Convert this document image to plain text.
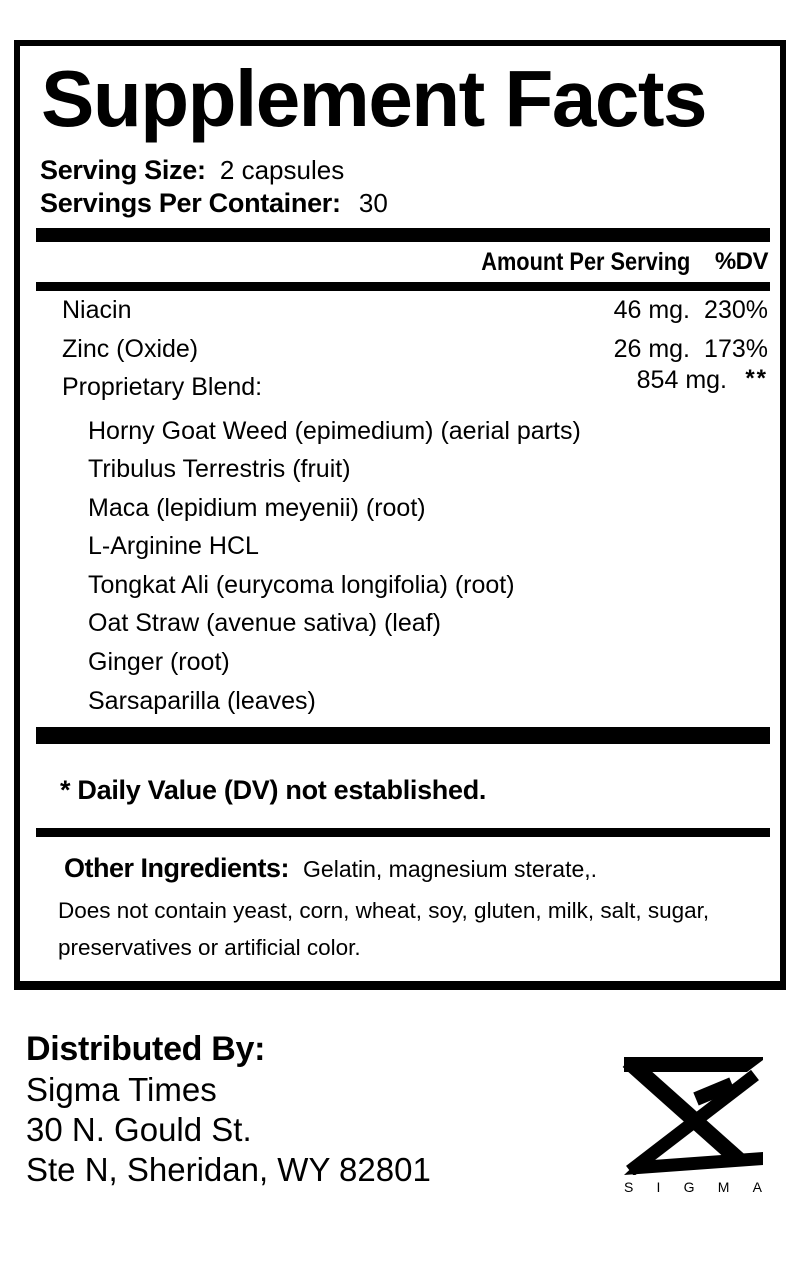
Supplement Facts
Serving Size: 2 capsules
Servings Per Container: 30
Amount Per Serving	%DV
Niacin	46 mg. 230%
Zinc (Oxide)	26 mg. 173%
Proprietary Blend:	854 mg. **
Horny Goat Weed (epimedium) (aerial parts)
Tribulus Terrestris (fruit)
Maca (lepidium meyenii) (root)
L-Arginine HCL
Tongkat Ali (eurycoma longifolia) (root)
Oat Straw (avenue sativa) (leaf)
Ginger (root)
Sarsaparilla (leaves)

* Daily Value (DV) not established.

Other Ingredients: Gelatin, magnesium sterate,.

Does not contain yeast, corn, wheat, soy, gluten, milk, salt, sugar,

preservatives or artificial color.

Distributed By:

Sigma Times

30 N. Gould St.

Ste N, Sheridan, WY 82801	S I G M A
